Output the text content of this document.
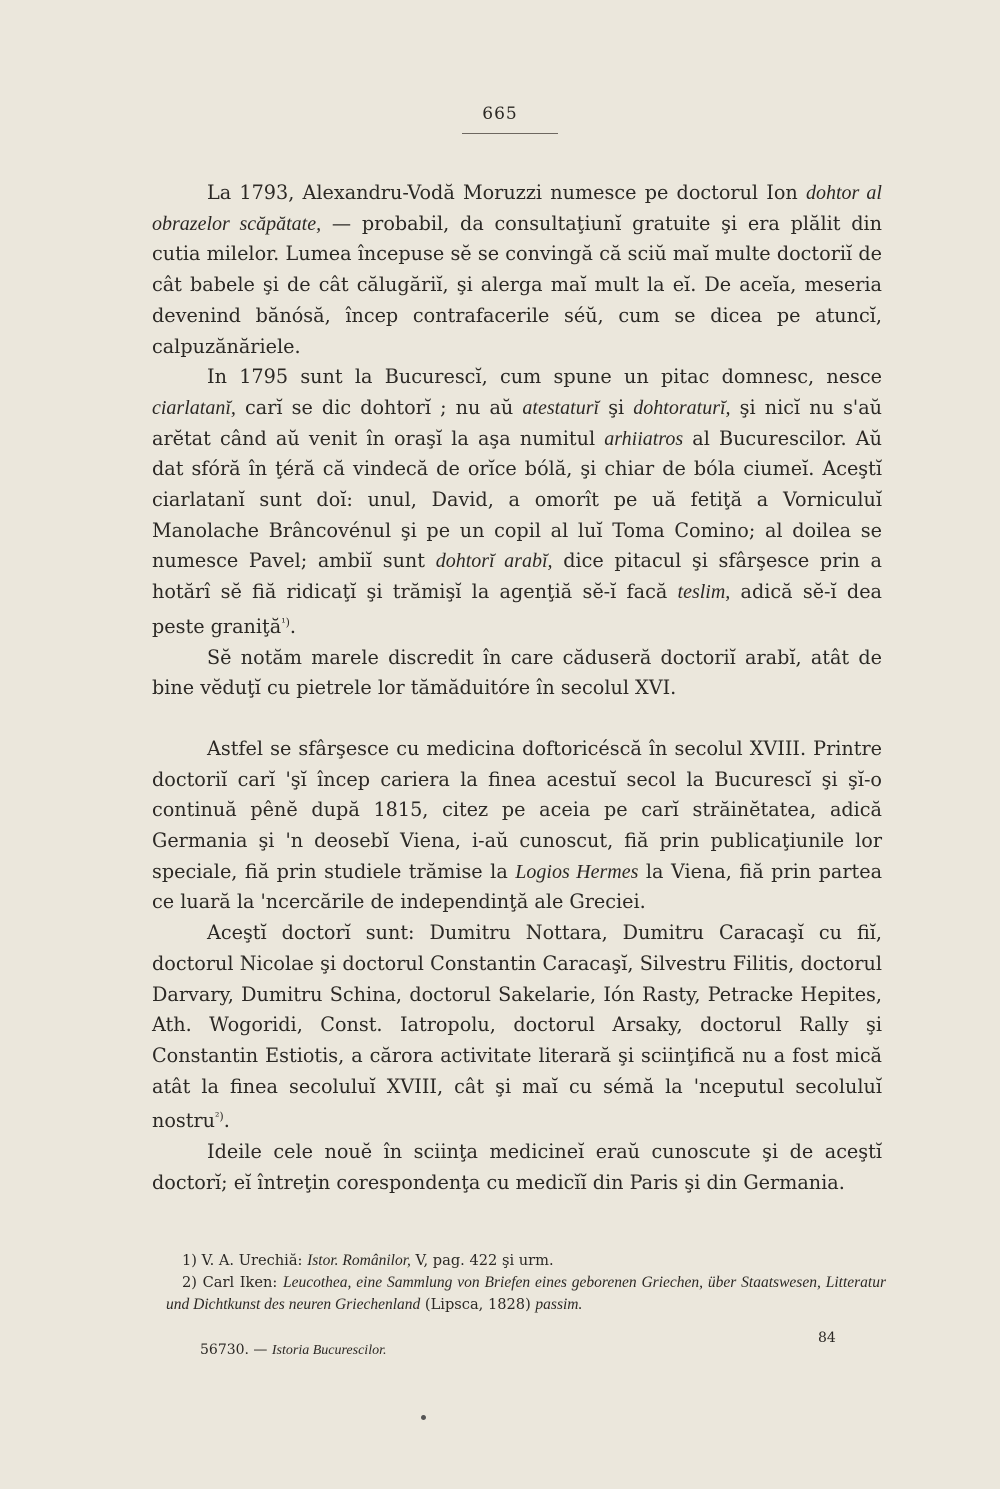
665

La 1793, Alexandru-Vodă Moruzzi numesce pe doctorul Ion dohtor al obrazelor scăpătate, — probabil, da consultaţiunĭ gratuite şi era plălit din cutia milelor. Lumea începuse sĕ se convingă că sciŭ maĭ multe doctoriĭ de cât babele şi de cât călugăriĭ, şi alerga maĭ mult la eĭ. De aceĭa, meseria devenind bănósă, încep contrafacerile séŭ, cum se dicea pe atuncĭ, calpuzănăriele.

In 1795 sunt la Bucurescĭ, cum spune un pitac domnesc, nesce ciarlatanĭ, carĭ se dic dohtorĭ ; nu aŭ atestaturĭ şi dohtoraturĭ, şi nicĭ nu s'aŭ arĕtat când aŭ venit în oraşĭ la aşa numitul arhiiatros al Bucurescilor. Aŭ dat sfóră în ţéră că vindecă de orĭce bólă, şi chiar de bóla ciumeĭ. Aceştĭ ciarlatanĭ sunt doĭ: unul, David, a omorît pe uă fetiţă a Vorniculuĭ Manolache Brâncovénul şi pe un copil al luĭ Toma Comino; al doilea se numesce Pavel; ambiĭ sunt dohtorĭ arabĭ, dice pitacul şi sfârşesce prin a hotărî sĕ fiă ridicaţĭ şi trămişĭ la agenţiă sĕ-ĭ facă teslim, adică sĕ-ĭ dea peste graniţă$^{^1)}$.

Sĕ notăm marele discredit în care căduseră doctoriĭ arabĭ, atât de bine vĕduţĭ cu pietrele lor tămăduitóre în secolul XVI.

Astfel se sfârşesce cu medicina doftoricéscă în secolul XVIII. Printre doctoriĭ carĭ 'şĭ încep cariera la finea acestuĭ secol la Bucurescĭ şi şĭ-o continuă pênĕ după 1815, citez pe aceia pe carĭ străinĕtatea, adică Germania şi 'n deosebĭ Viena, i-aŭ cunoscut, fiă prin publicaţiunile lor speciale, fiă prin studiele trămise la Logios Hermes la Viena, fiă prin partea ce luară la 'ncercările de independinţă ale Greciei.

Aceştĭ doctorĭ sunt: Dumitru Nottara, Dumitru Caracaşĭ cu fiĭ, doctorul Nicolae şi doctorul Constantin Caracaşĭ, Silvestru Filitis, doctorul Darvary, Dumitru Schina, doctorul Sakelarie, Ión Rasty, Petracke Hepites, Ath. Wogoridi, Const. Iatropolu, doctorul Arsaky, doctorul Rally şi Constantin Estiotis, a cărora activitate literară şi sciinţifică nu a fost mică atât la finea secoluluĭ XVIII, cât şi maĭ cu sémă la 'nceputul secoluluĭ nostru$^{^2)}$.

Ideile cele nouĕ în sciinţa medicineĭ eraŭ cunoscute şi de aceştĭ doctorĭ; eĭ întreţin corespondenţa cu medicĭĭ din Paris şi din Germania.

1) V. A. Urechiă: Istor. Românilor, V, pag. 422 şi urm.

2) Carl Iken: Leucothea, eine Sammlung von Briefen eines geborenen Griechen, über Staatswesen, Litteratur und Dichtkunst des neuren Griechenland (Lipsca, 1828) passim.

56730. — Istoria Bucurescilor.
84
